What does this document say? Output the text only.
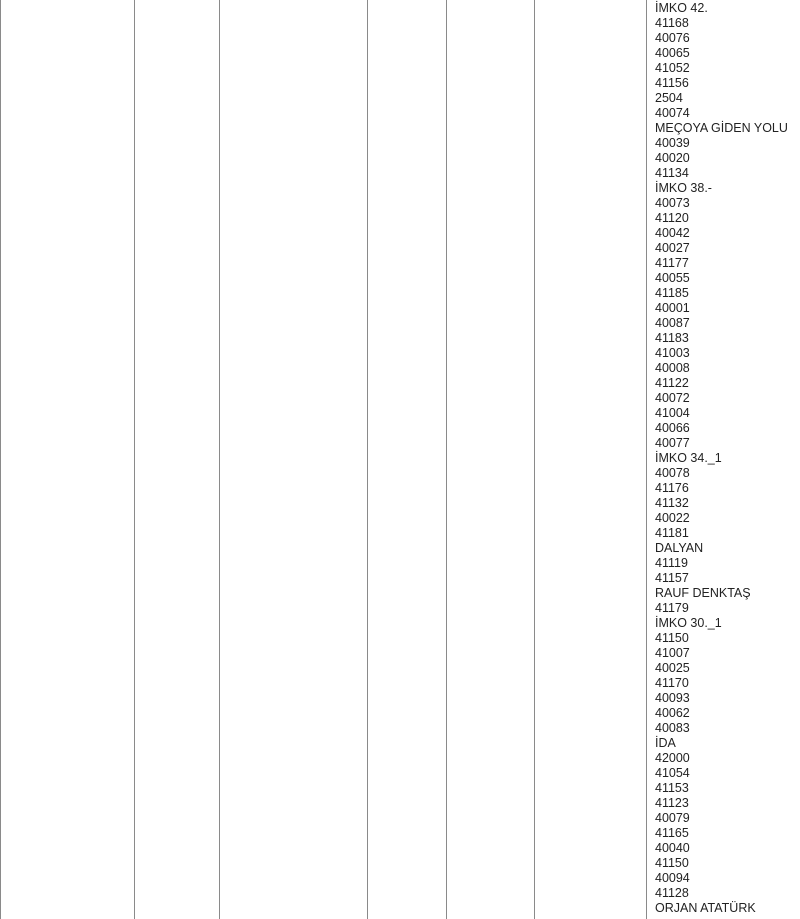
İMKO 42.
41168
40076
40065
41052
41156
2504
40074
MEÇOYA GİDEN YOLU
40039
40020
41134
İMKO 38.-
40073
41120
40042
40027
41177
40055
41185
40001
40087
41183
41003
40008
41122
40072
41004
40066
40077
İMKO 34._1
40078
41176
41132
40022
41181
DALYAN
41119
41157
RAUF DENKTAŞ
41179
İMKO 30._1
41150
41007
40025
41170
40093
40062
40083
İDA
42000
41054
41153
41123
40079
41165
40040
41150
40094
41128
ORJAN ATATÜRK
